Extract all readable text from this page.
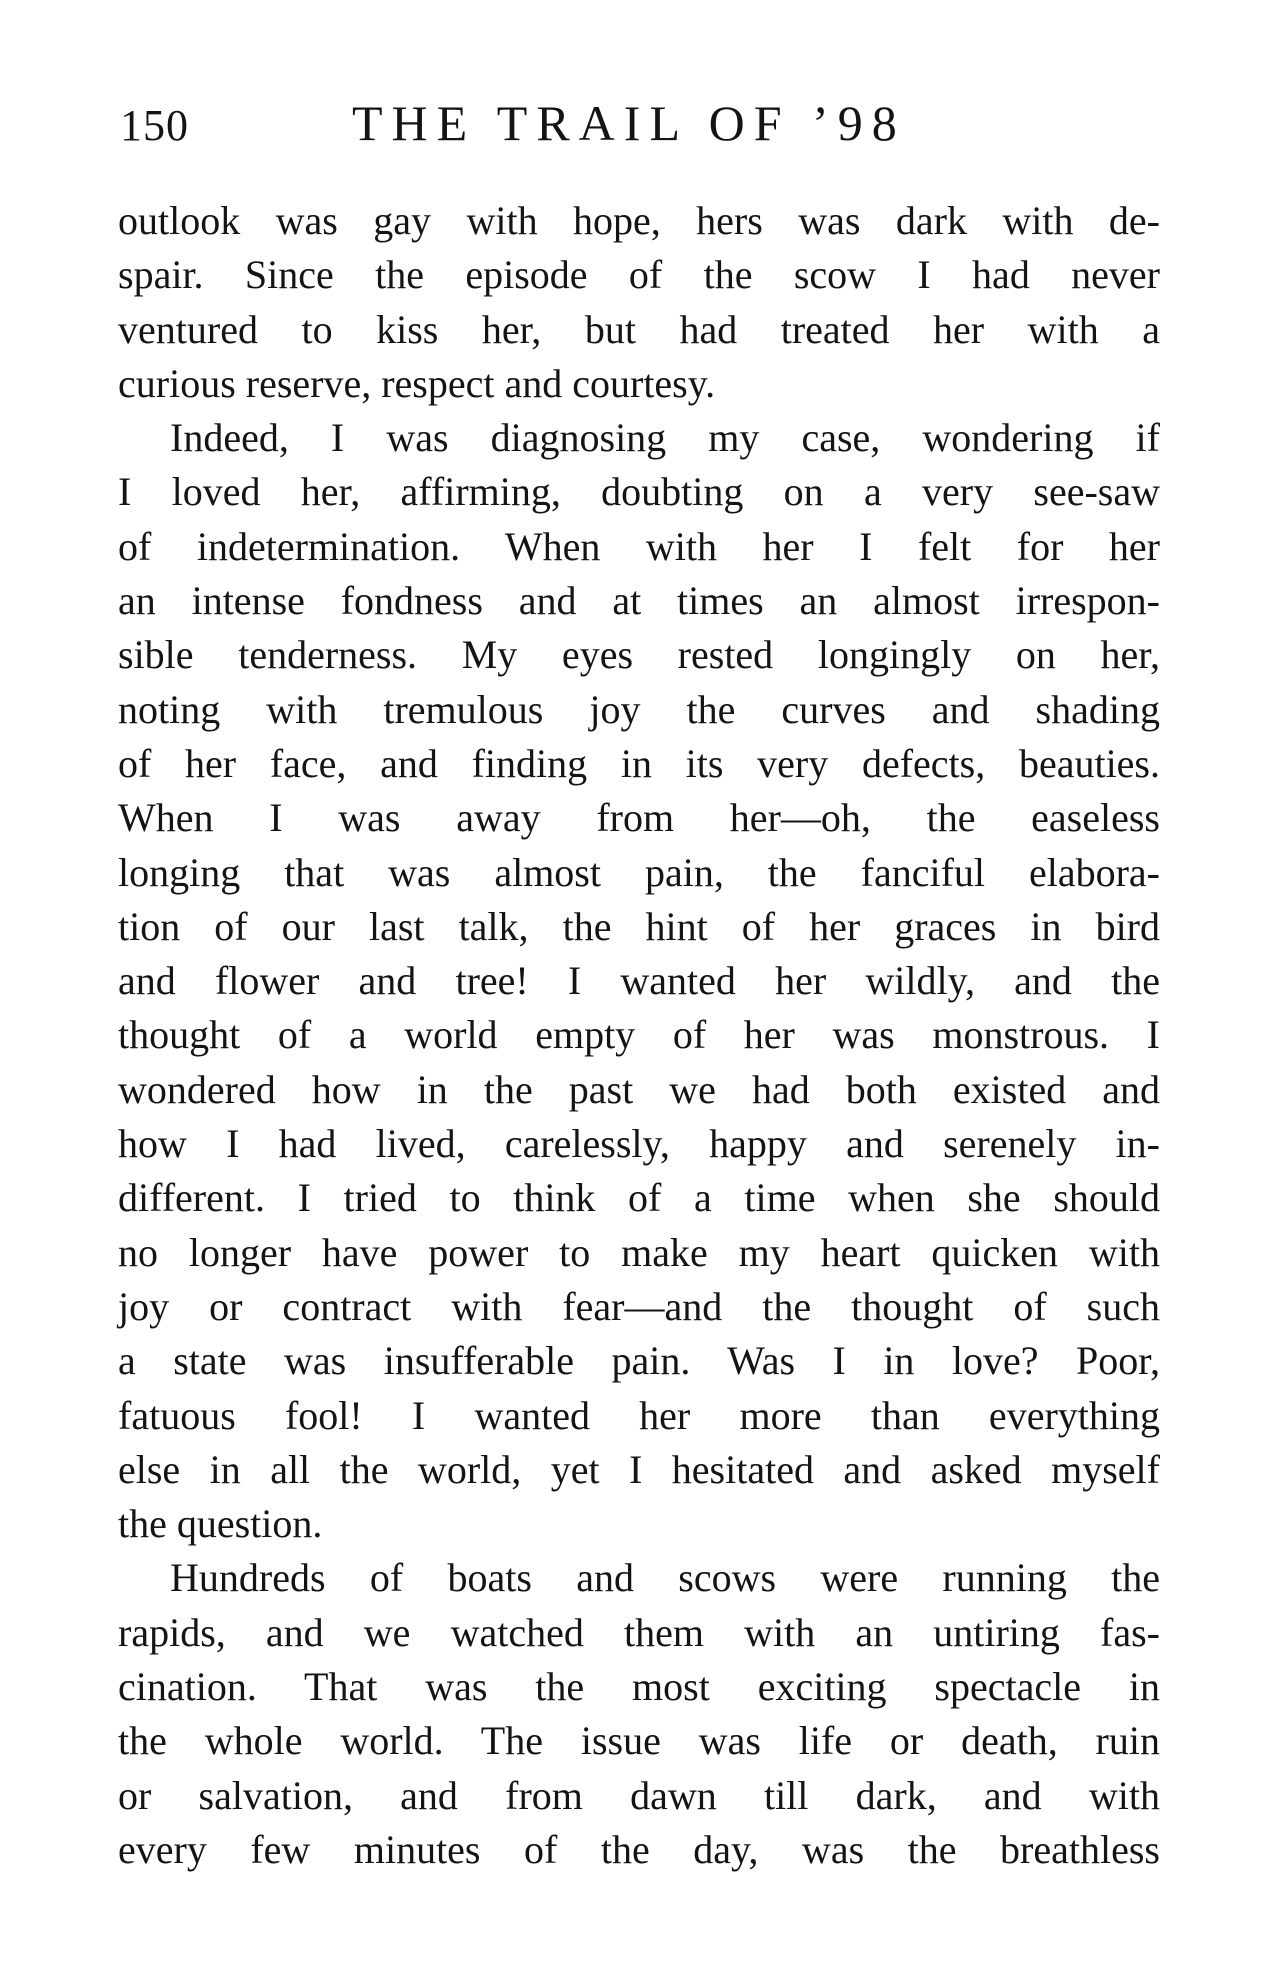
150	THE TRAIL OF ’98
outlook was gay with hope, hers was dark with de-
spair. Since the episode of the scow I had never
ventured to kiss her, but had treated her with a
curious reserve, respect and courtesy.
Indeed, I was diagnosing my case, wondering if
I loved her, affirming, doubting on a very see-saw
of indetermination. When with her I felt for her
an intense fondness and at times an almost irrespon-
sible tenderness. My eyes rested longingly on her,
noting with tremulous joy the curves and shading
of her face, and finding in its very defects, beauties.
When I was away from her—oh, the easeless
longing that was almost pain, the fanciful elabora-
tion of our last talk, the hint of her graces in bird
and flower and tree! I wanted her wildly, and the
thought of a world empty of her was monstrous. I
wondered how in the past we had both existed and
how I had lived, carelessly, happy and serenely in-
different. I tried to think of a time when she should
no longer have power to make my heart quicken with
joy or contract with fear—and the thought of such
a state was insufferable pain. Was I in love? Poor,
fatuous fool! I wanted her more than everything
else in all the world, yet I hesitated and asked myself
the question.
Hundreds of boats and scows were running the
rapids, and we watched them with an untiring fas-
cination. That was the most exciting spectacle in
the whole world. The issue was life or death, ruin
or salvation, and from dawn till dark, and with
every few minutes of the day, was the breathless
